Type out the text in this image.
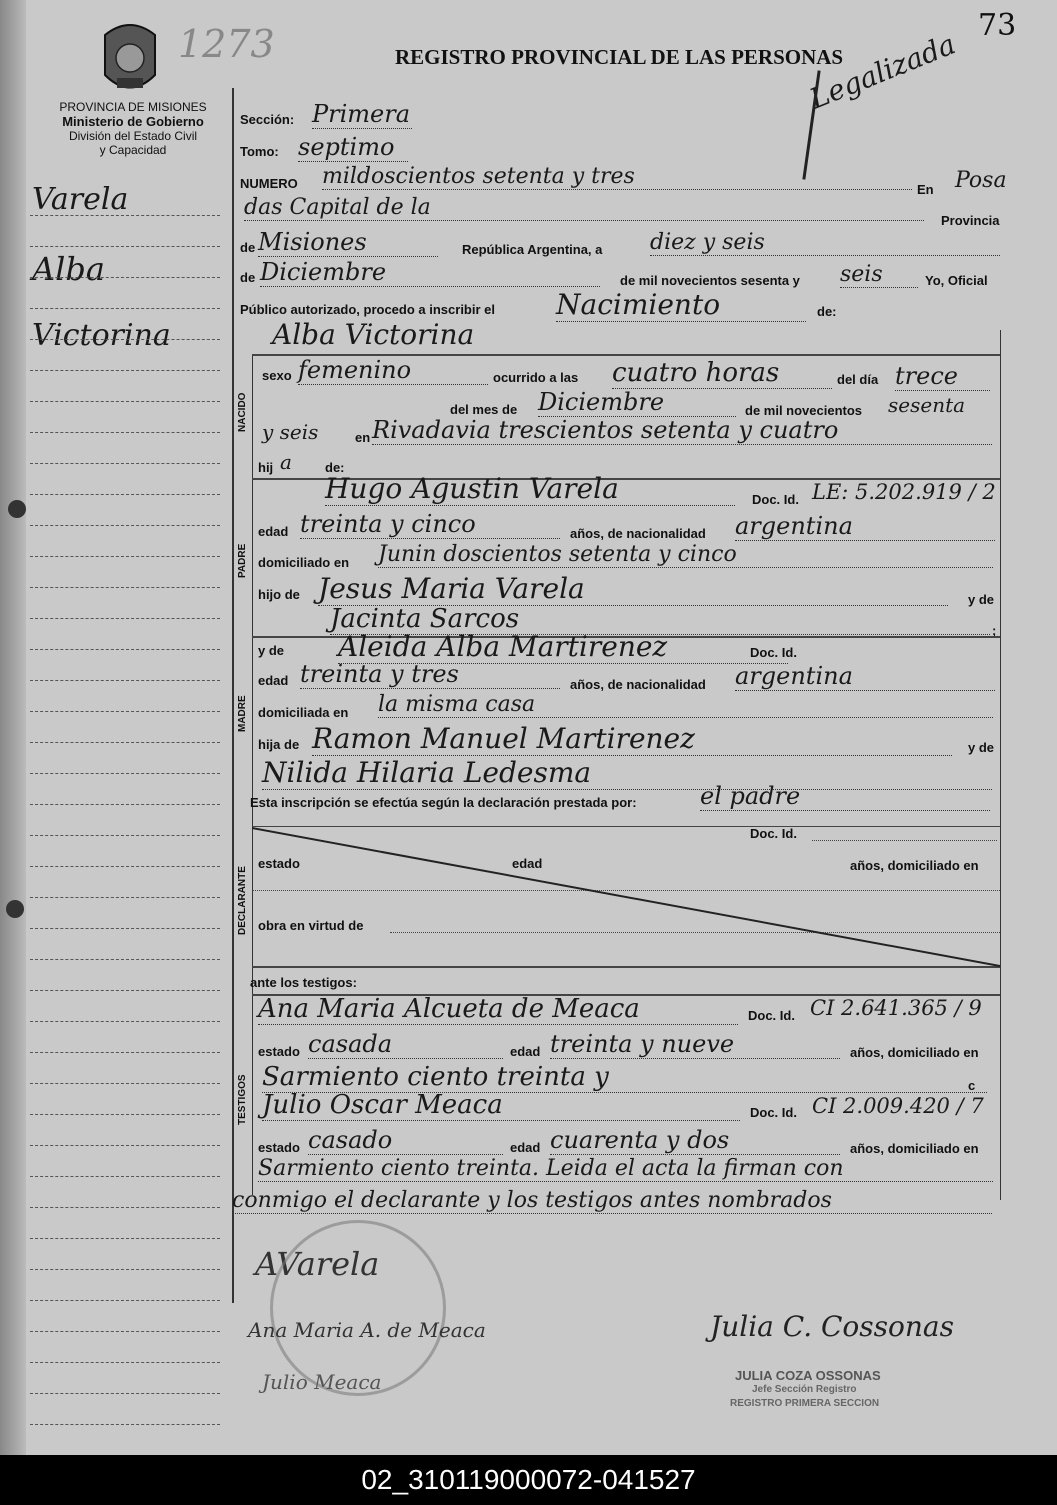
1273	73
REGISTRO PROVINCIAL DE LAS PERSONAS
Legalizada
PROVINCIA DE MISIONES
Ministerio de Gobierno
División del Estado Civil
y Capacidad
Varela
Alba
Victorina
NACIDO
PADRE
MADRE
DECLARANTE
TESTIGOS
Sección: Primera
Tomo: septimo
NUMERO mildoscientos setenta y tres
En Posa
das Capital de la
Provincia
de Misiones	República Argentina, a diez y seis
de Diciembre	de mil novecientos sesenta y seis	Yo, Oficial
Público autorizado, procedo a inscribir el Nacimiento	de:
Alba Victorina
sexo femenino	ocurrido a las cuatro horas	del día trece
del mes de Diciembre	de mil novecientos sesenta
y seis	en Rivadavia trescientos setenta y cuatro
hij a	de:
Hugo Agustin Varela	Doc. Id. LE: 5.202.919 / 2
edad treinta y cinco	años, de nacionalidad argentina
domiciliado en Junin doscientos setenta y cinco
hijo de Jesus Maria Varela	y de
Jacinta Sarcos	;
y de Aleida Alba Martirenez	Doc. Id.
edad treinta y tres	años, de nacionalidad argentina
domiciliada en la misma casa
hija de Ramon Manuel Martirenez	y de
Nilida Hilaria Ledesma
Esta inscripción se efectúa según la declaración prestada por:	el padre
Doc. Id.
estado	edad	años, domiciliado en
obra en virtud de
ante los testigos:
Ana Maria Alcueta de Meaca	Doc. Id. CI 2.641.365 / 9
estado casada	edad treinta y nueve	años, domiciliado en
Sarmiento ciento treinta y	c
Julio Oscar Meaca	Doc. Id. CI 2.009.420 / 7
estado casado	edad cuarenta y dos	años, domiciliado en
Sarmiento ciento treinta. Leida el acta la firman con
conmigo el declarante y los testigos antes nombrados
AVarela
Ana Maria A. de Meaca
Julio Meaca
Julia C. Cossonas
JULIA COZA OSSONAS
Jefe Sección Registro
REGISTRO PRIMERA SECCION
02_310119000072-041527
